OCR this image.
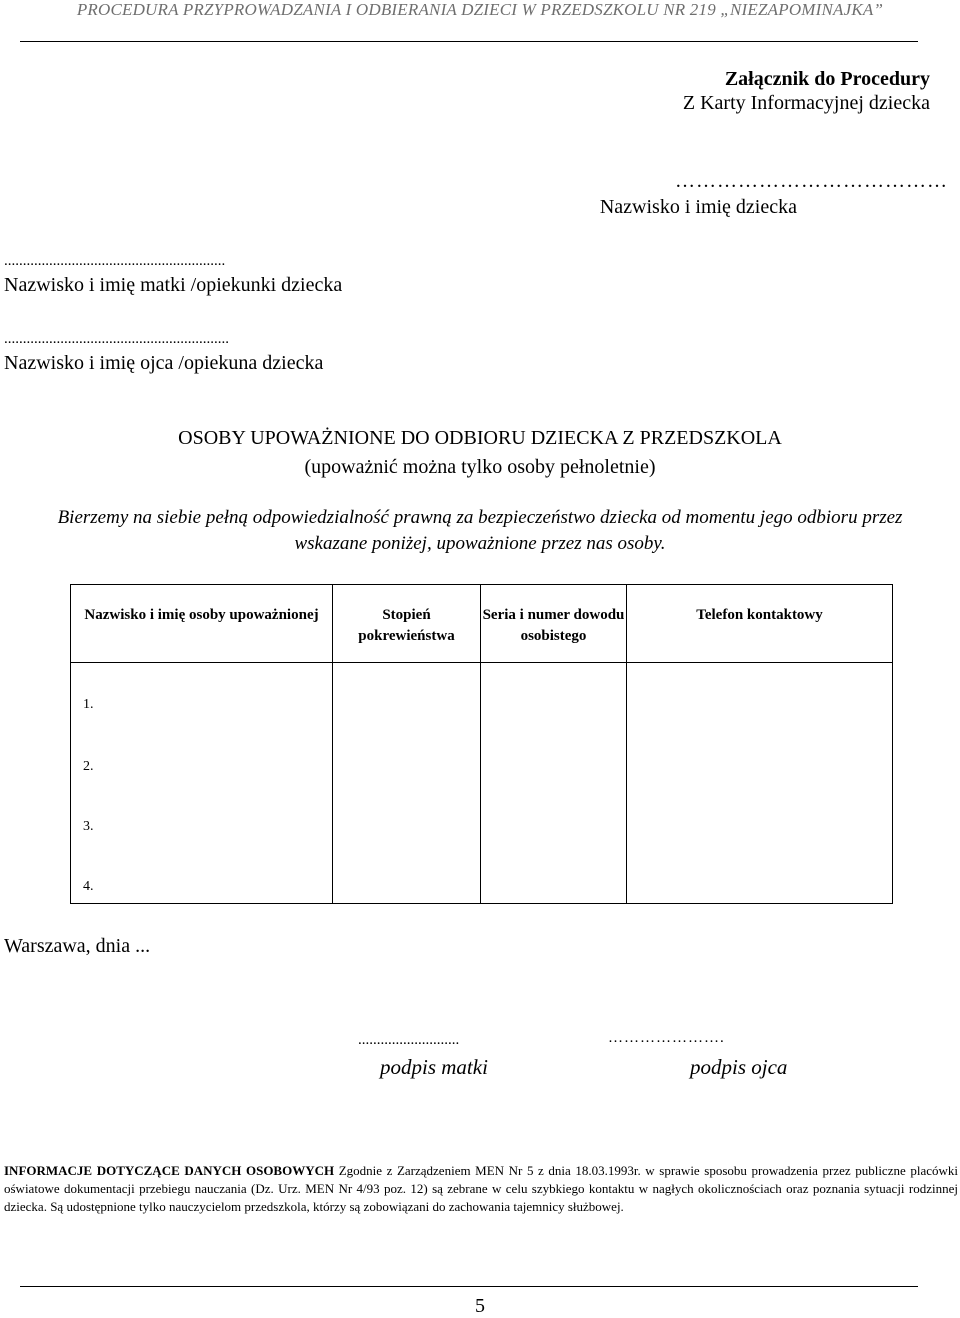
PROCEDURA PRZYPROWADZANIA I ODBIERANIA DZIECI W PRZEDSZKOLU NR 219 „NIEZAPOMINAJKA”
Załącznik do Procedury
Z Karty Informacyjnej dziecka
…………………………………
Nazwisko i imię dziecka
...........................................................
Nazwisko i imię matki /opiekunki dziecka
............................................................
Nazwisko i imię ojca /opiekuna dziecka
OSOBY UPOWAŻNIONE DO ODBIORU DZIECKA Z PRZEDSZKOLA
(upoważnić można tylko osoby pełnoletnie)
Bierzemy na siebie pełną odpowiedzialność prawną za bezpieczeństwo dziecka od momentu jego odbioru przez wskazane poniżej, upoważnione przez nas osoby.
Nazwisko i imię osoby upoważnionej	Stopień pokrewieństwa	Seria i numer dowodu osobistego	Telefon kontaktowy

1.			

2.			

3.			

4.			

Warszawa, dnia ...
...........................	………………….
podpis matki	podpis ojca
INFORMACJE DOTYCZĄCE DANYCH OSOBOWYCH Zgodnie z Zarządzeniem MEN Nr 5 z dnia 18.03.1993r. w sprawie sposobu prowadzenia przez publiczne placówki oświatowe dokumentacji przebiegu nauczania (Dz. Urz. MEN Nr 4/93 poz. 12) są zebrane w celu szybkiego kontaktu w nagłych okolicznościach oraz poznania sytuacji rodzinnej dziecka. Są udostępnione tylko nauczycielom przedszkola, którzy są zobowiązani do zachowania tajemnicy służbowej.
5
